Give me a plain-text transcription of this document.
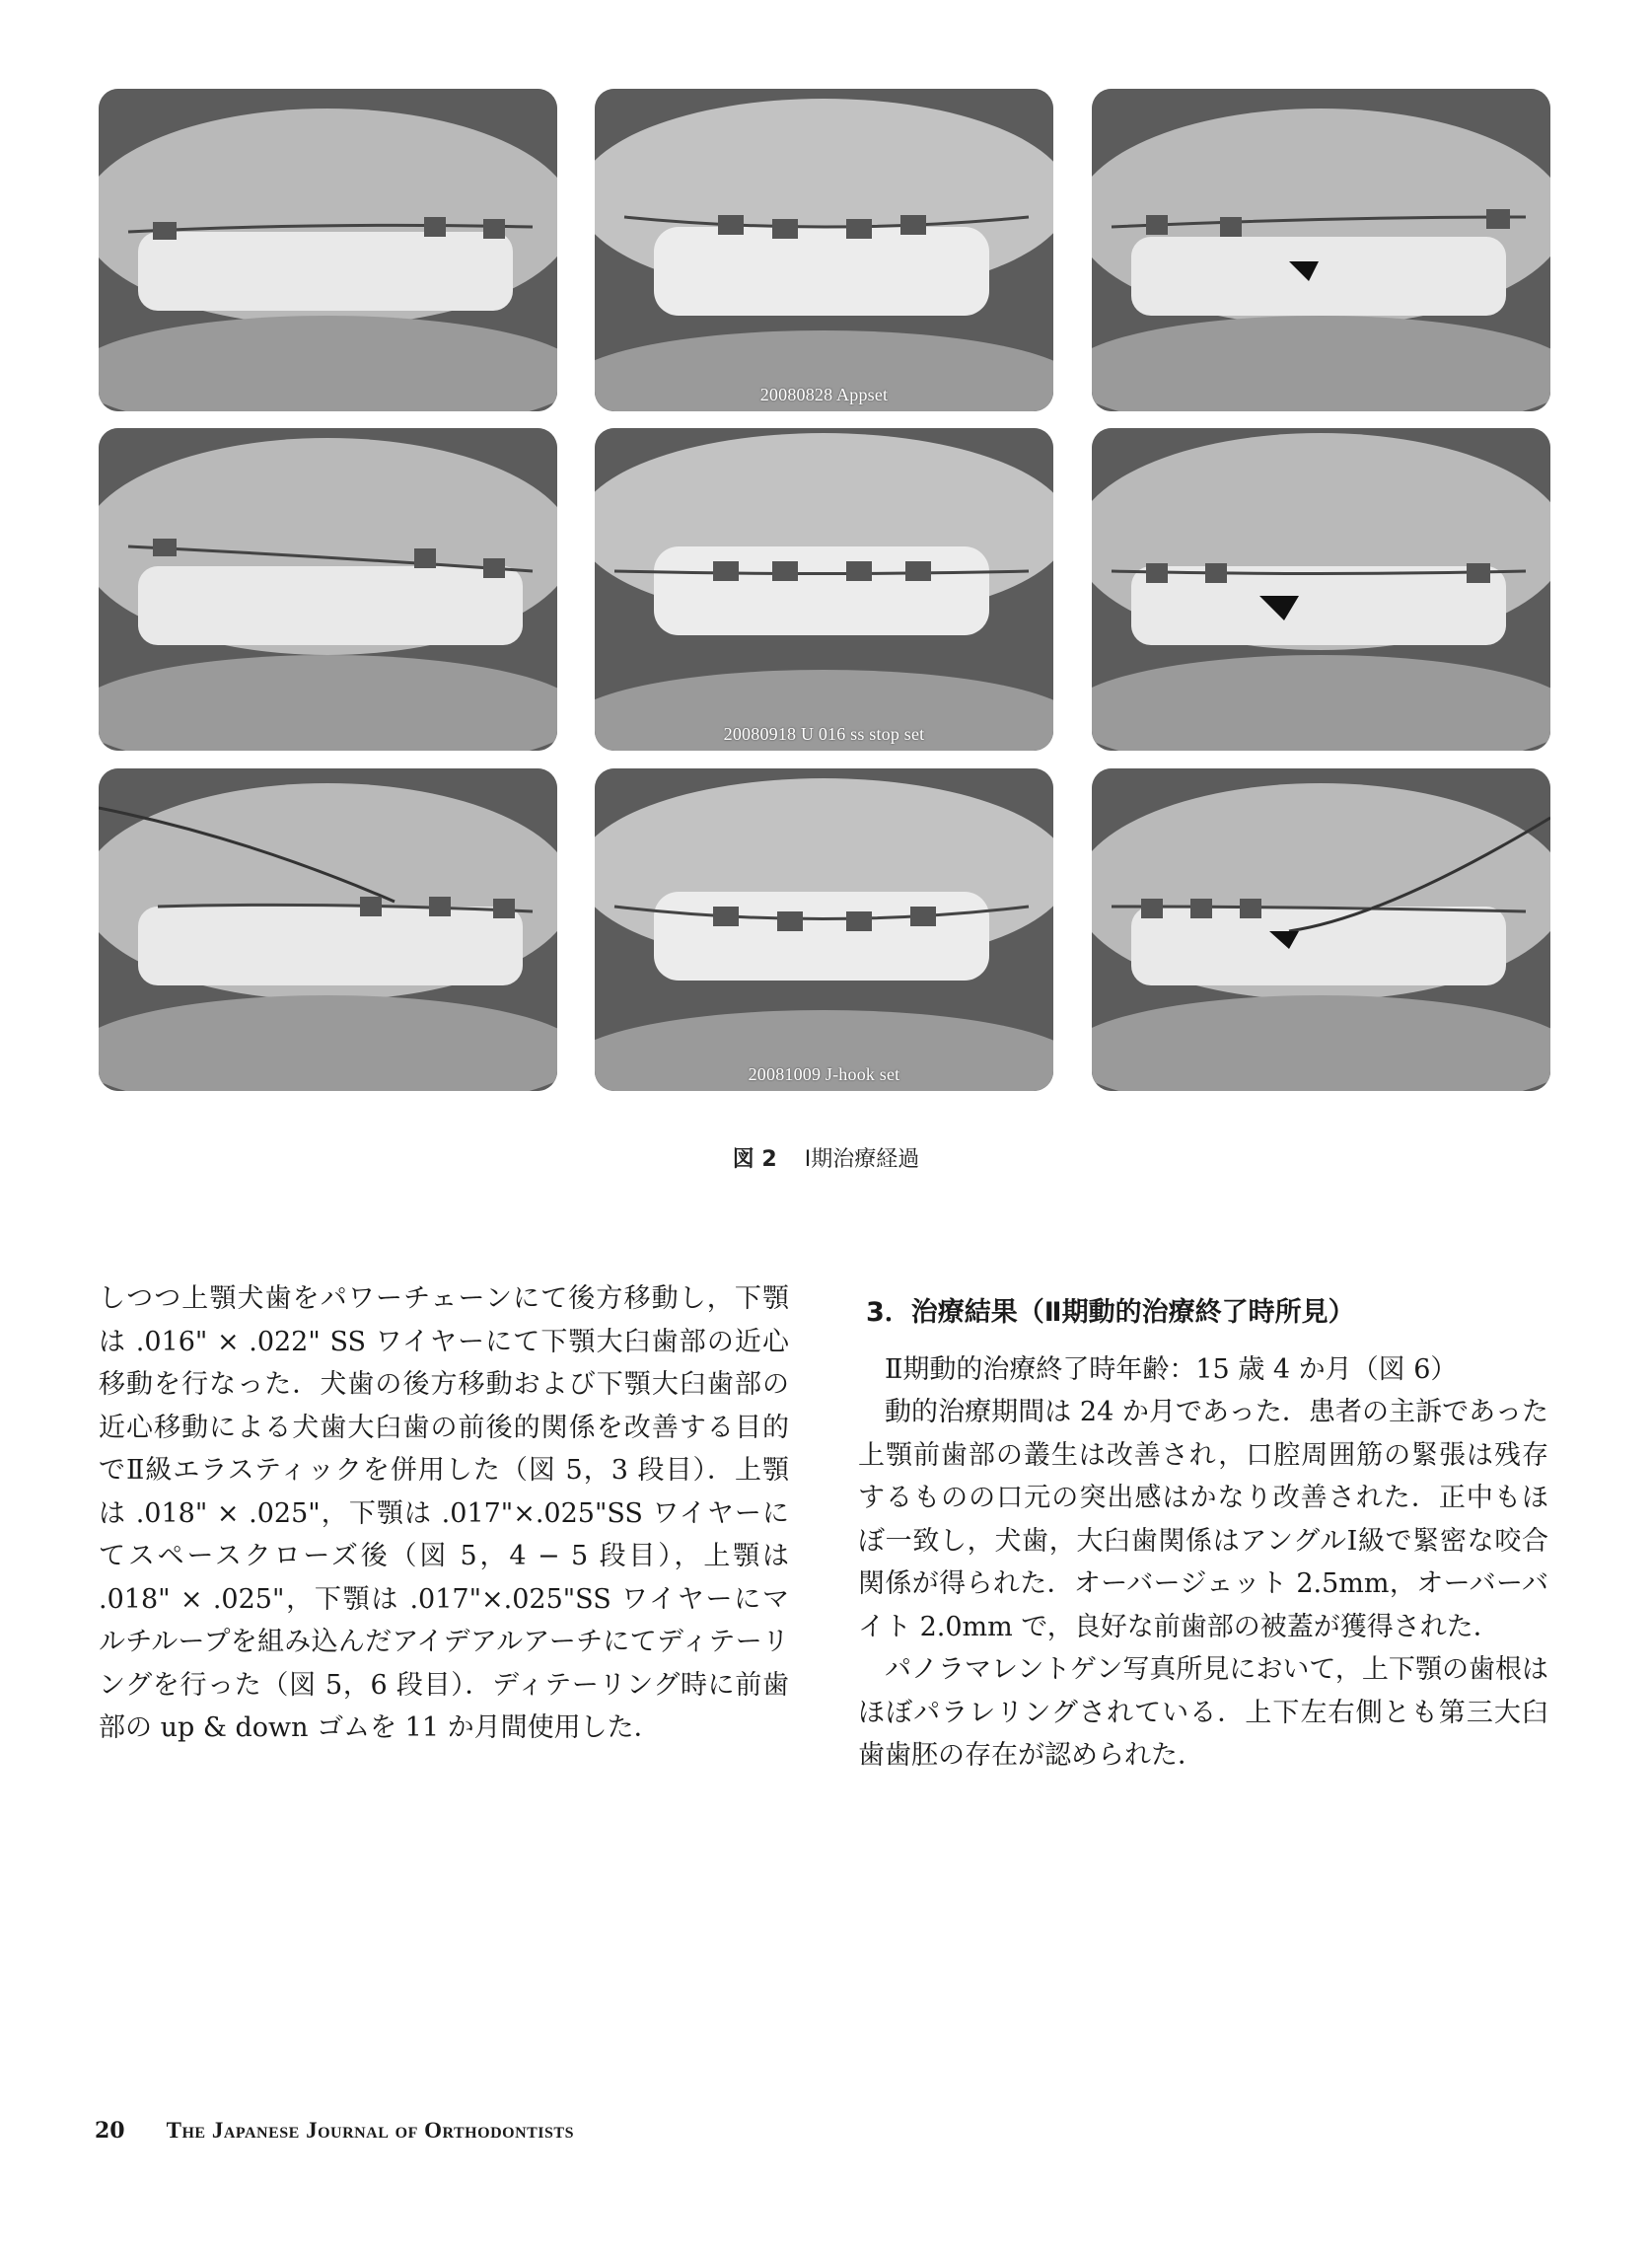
20080828 Appset
20080918 U 016 ss stop set
20081009 J-hook set
図 2 Ⅰ期治療経過

しつつ上顎犬歯をパワーチェーンにて後方移動し，下顎は .016" × .022" SS ワイヤーにて下顎大臼歯部の近心移動を行なった．犬歯の後方移動および下顎大臼歯部の近心移動による犬歯大臼歯の前後的関係を改善する目的でⅡ級エラスティックを併用した（図 5，3 段目）．上顎は .018" × .025"，下顎は .017"×.025"SS ワイヤーにてスペースクローズ後（図 5，4 − 5 段目），上顎は .018" × .025"，下顎は .017"×.025"SS ワイヤーにマルチループを組み込んだアイデアルアーチにてディテーリングを行った（図 5，6 段目）．ディテーリング時に前歯部の up & down ゴムを 11 か月間使用した．

3．治療結果（Ⅱ期動的治療終了時所見）

Ⅱ期動的治療終了時年齢：15 歳 4 か月（図 6）

動的治療期間は 24 か月であった．患者の主訴であった上顎前歯部の叢生は改善され，口腔周囲筋の緊張は残存するものの口元の突出感はかなり改善された．正中もほぼ一致し，犬歯，大臼歯関係はアングルⅠ級で緊密な咬合関係が得られた．オーバージェット 2.5mm，オーバーバイト 2.0mm で，良好な前歯部の被蓋が獲得された．

パノラマレントゲン写真所見において，上下顎の歯根はほぼパラレリングされている．上下左右側とも第三大臼歯歯胚の存在が認められた．

20 The Japanese Journal of Orthodontists
